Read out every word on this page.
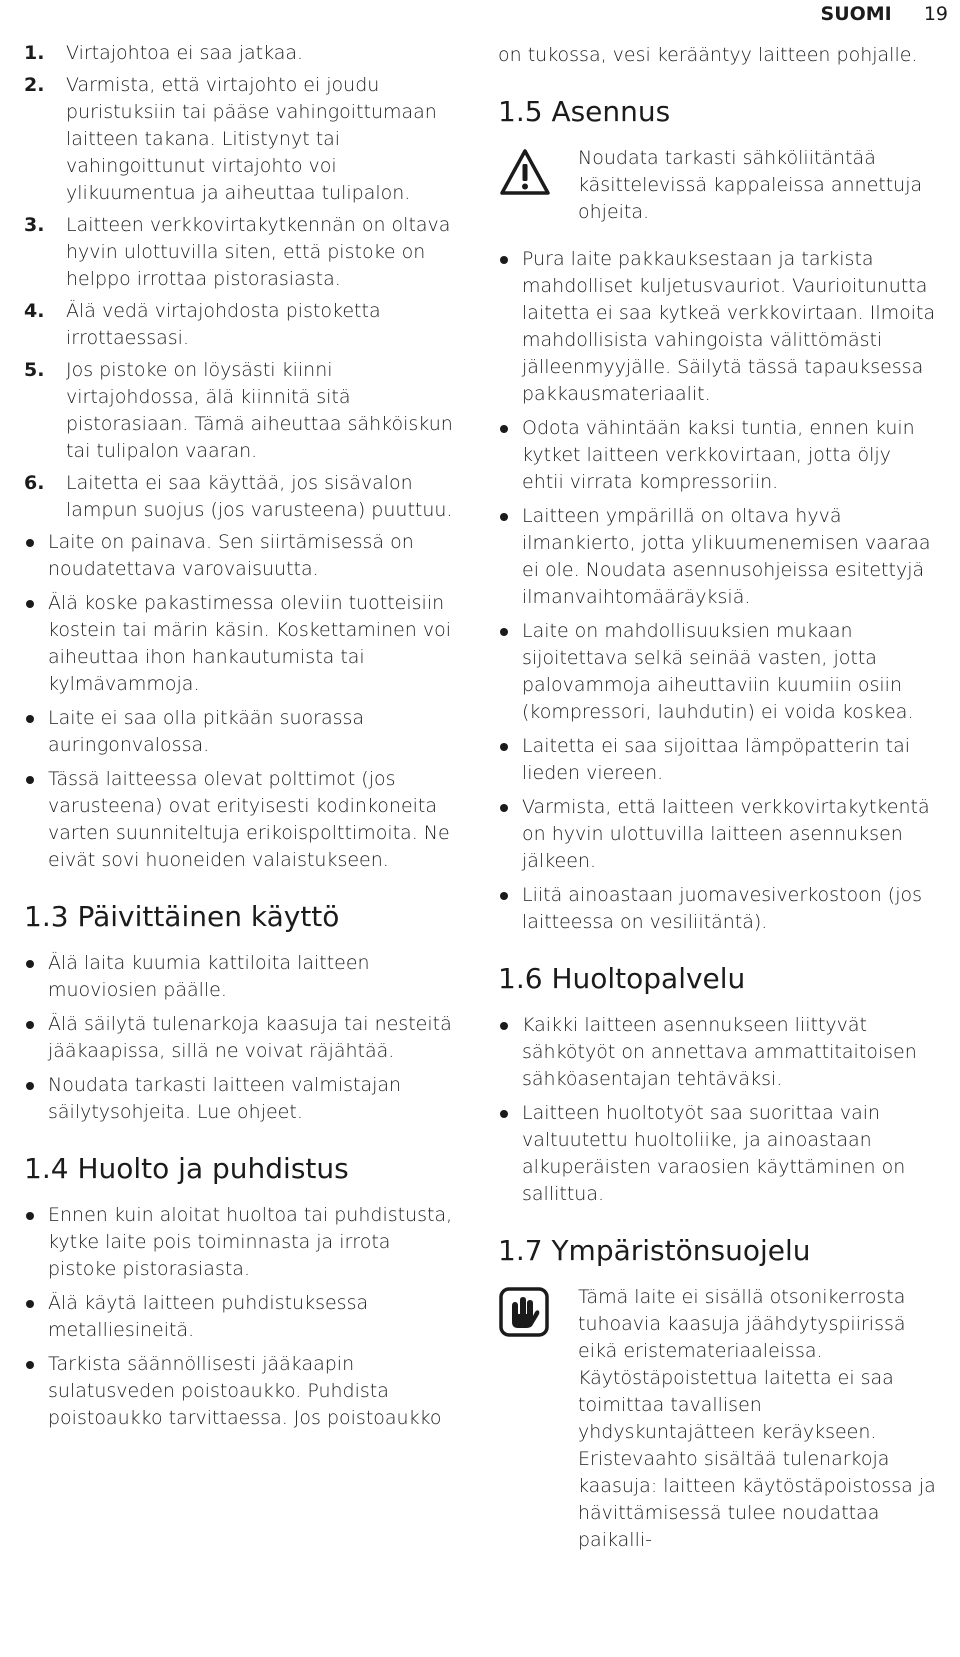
SUOMI 19
1. Virtajohtoa ei saa jatkaa.
2. Varmista, että virtajohto ei joudu puristuksiin tai pääse vahingoittumaan laitteen takana. Litistynyt tai vahingoittunut virtajohto voi ylikuumentua ja aiheuttaa tulipalon.
3. Laitteen verkkovirtakytkennän on oltava hyvin ulottuvilla siten, että pistoke on helppo irrottaa pistorasiasta.
4. Älä vedä virtajohdosta pistoketta irrottaessasi.
5. Jos pistoke on löysästi kiinni virtajohdossa, älä kiinnitä sitä pistorasiaan. Tämä aiheuttaa sähköiskun tai tulipalon vaaran.
6. Laitetta ei saa käyttää, jos sisävalon lampun suojus (jos varusteena) puuttuu.
Laite on painava. Sen siirtämisessä on noudatettava varovaisuutta.
Älä koske pakastimessa oleviin tuotteisiin kostein tai märin käsin. Koskettaminen voi aiheuttaa ihon hankautumista tai kylmävammoja.
Laite ei saa olla pitkään suorassa auringonvalossa.
Tässä laitteessa olevat polttimot (jos varusteena) ovat erityisesti kodinkoneita varten suunniteltuja erikoispolttimoita. Ne eivät sovi huoneiden valaistukseen.
1.3 Päivittäinen käyttö
Älä laita kuumia kattiloita laitteen muoviosien päälle.
Älä säilytä tulenarkoja kaasuja tai nesteitä jääkaapissa, sillä ne voivat räjähtää.
Noudata tarkasti laitteen valmistajan säilytysohjeita. Lue ohjeet.
1.4 Huolto ja puhdistus
Ennen kuin aloitat huoltoa tai puhdistusta, kytke laite pois toiminnasta ja irrota pistoke pistorasiasta.
Älä käytä laitteen puhdistuksessa metalliesineitä.
Tarkista säännöllisesti jääkaapin sulatusveden poistoaukko. Puhdista poistoaukko tarvittaessa. Jos poistoaukko

on tukossa, vesi kerääntyy laitteen pohjalle.

1.5 Asennus

Noudata tarkasti sähköliitäntää käsittelevissä kappaleissa annettuja ohjeita.

Pura laite pakkauksestaan ja tarkista mahdolliset kuljetusvauriot. Vaurioitunutta laitetta ei saa kytkeä verkkovirtaan. Ilmoita mahdollisista vahingoista välittömästi jälleenmyyjälle. Säilytä tässä tapauksessa pakkausmateriaalit.
Odota vähintään kaksi tuntia, ennen kuin kytket laitteen verkkovirtaan, jotta öljy ehtii virrata kompressoriin.
Laitteen ympärillä on oltava hyvä ilmankierto, jotta ylikuumenemisen vaaraa ei ole. Noudata asennusohjeissa esitettyjä ilmanvaihtomääräyksiä.
Laite on mahdollisuuksien mukaan sijoitettava selkä seinää vasten, jotta palovammoja aiheuttaviin kuumiin osiin (kompressori, lauhdutin) ei voida koskea.
Laitetta ei saa sijoittaa lämpöpatterin tai lieden viereen.
Varmista, että laitteen verkkovirtakytkentä on hyvin ulottuvilla laitteen asennuksen jälkeen.
Liitä ainoastaan juomavesiverkostoon (jos laitteessa on vesiliitäntä).
1.6 Huoltopalvelu
Kaikki laitteen asennukseen liittyvät sähkötyöt on annettava ammattitaitoisen sähköasentajan tehtäväksi.
Laitteen huoltotyöt saa suorittaa vain valtuutettu huoltoliike, ja ainoastaan alkuperäisten varaosien käyttäminen on sallittua.
1.7 Ympäristönsuojelu

Tämä laite ei sisällä otsonikerrosta tuhoavia kaasuja jäähdytyspiirissä eikä eristemateriaaleissa. Käytöstäpoistettua laitetta ei saa toimittaa tavallisen yhdyskuntajätteen keräykseen. Eristevaahto sisältää tulenarkoja kaasuja: laitteen käytöstäpoistossa ja hävittämisessä tulee noudattaa paikalli-
